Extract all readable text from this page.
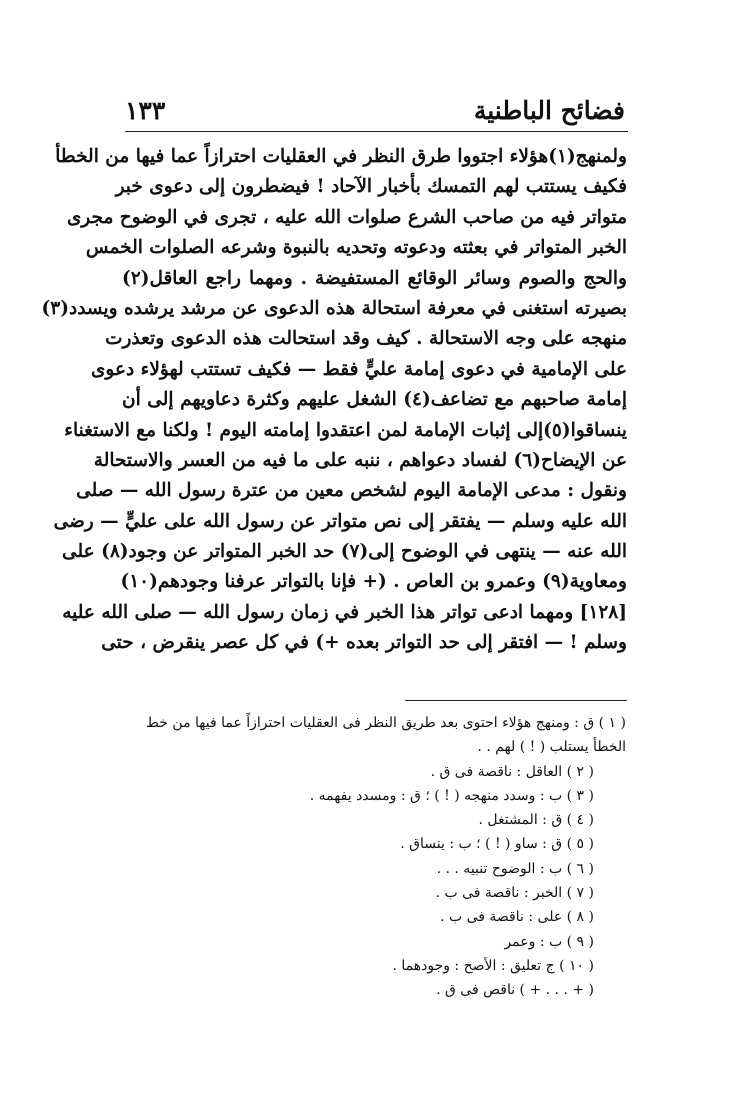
فضائح الباطنية
١٣٣
ولمنهج(١)هؤلاء اجتووا طرق النظر في العقليات احترازاً عما فيها من الخطأ
فكيف يستتب لهم التمسك بأخبار الآحاد ! فيضطرون إلى دعوى خبر
متواتر فيه من صاحب الشرع صلوات الله عليه ، تجرى في الوضوح مجرى
الخبر المتواتر في بعثته ودعوته وتحديه بالنبوة وشرعه الصلوات الخمس
والحج والصوم وسائر الوقائع المستفيضة . ومهما راجع العاقل(٢)
بصيرته استغنى في معرفة استحالة هذه الدعوى عن مرشد يرشده ويسدد(٣)
منهجه على وجه الاستحالة . كيف وقد استحالت هذه الدعوى وتعذرت
على الإمامية في دعوى إمامة عليٍّ فقط — فكيف تستتب لهؤلاء دعوى
إمامة صاحبهم مع تضاعف(٤) الشغل عليهم وكثرة دعاويهم إلى أن
ينساقوا(٥)إلى إثبات الإمامة لمن اعتقدوا إمامته اليوم ! ولكنا مع الاستغناء
عن الإيضاح(٦) لفساد دعواهم ، ننبه على ما فيه من العسر والاستحالة
ونقول : مدعى الإمامة اليوم لشخص معين من عترة رسول الله — صلى
الله عليه وسلم — يفتقر إلى نص متواتر عن رسول الله على عليٍّ — رضى
الله عنه — ينتهى في الوضوح إلى(٧) حد الخبر المتواتر عن وجود(٨) على
ومعاوية(٩) وعمرو بن العاص . (+ فإنا بالتواتر عرفنا وجودهم(١٠)
[١٢٨] ومهما ادعى تواتر هذا الخبر في زمان رسول الله — صلى الله عليه
وسلم ! — افتقر إلى حد التواتر بعده +) في كل عصر ينقرض ، حتى
( ١ ) ق : ومنهج هؤلاء احتوى بعد طريق النظر فى العقليات احترازاً عما فيها من خط
الخطأ يستلب ( ! ) لهم . .
( ٢ ) العاقل : ناقصة فى ق .
( ٣ ) ب : وسدد منهجه ( ! ) ؛ ق : ومسدد يفهمه .
( ٤ ) ق : المشتغل .
( ٥ ) ق : ساو ( ! ) ؛ ب : ينساق .
( ٦ ) ب : الوضوح تنبيه . . .
( ٧ ) الخبر : ناقصة فى ب .
( ٨ ) على : ناقصة فى ب .
( ٩ ) ب : وعمر
( ١٠ ) ج تعليق : الأصح : وجودهما .
( + . . . + ) ناقص فى ق .
